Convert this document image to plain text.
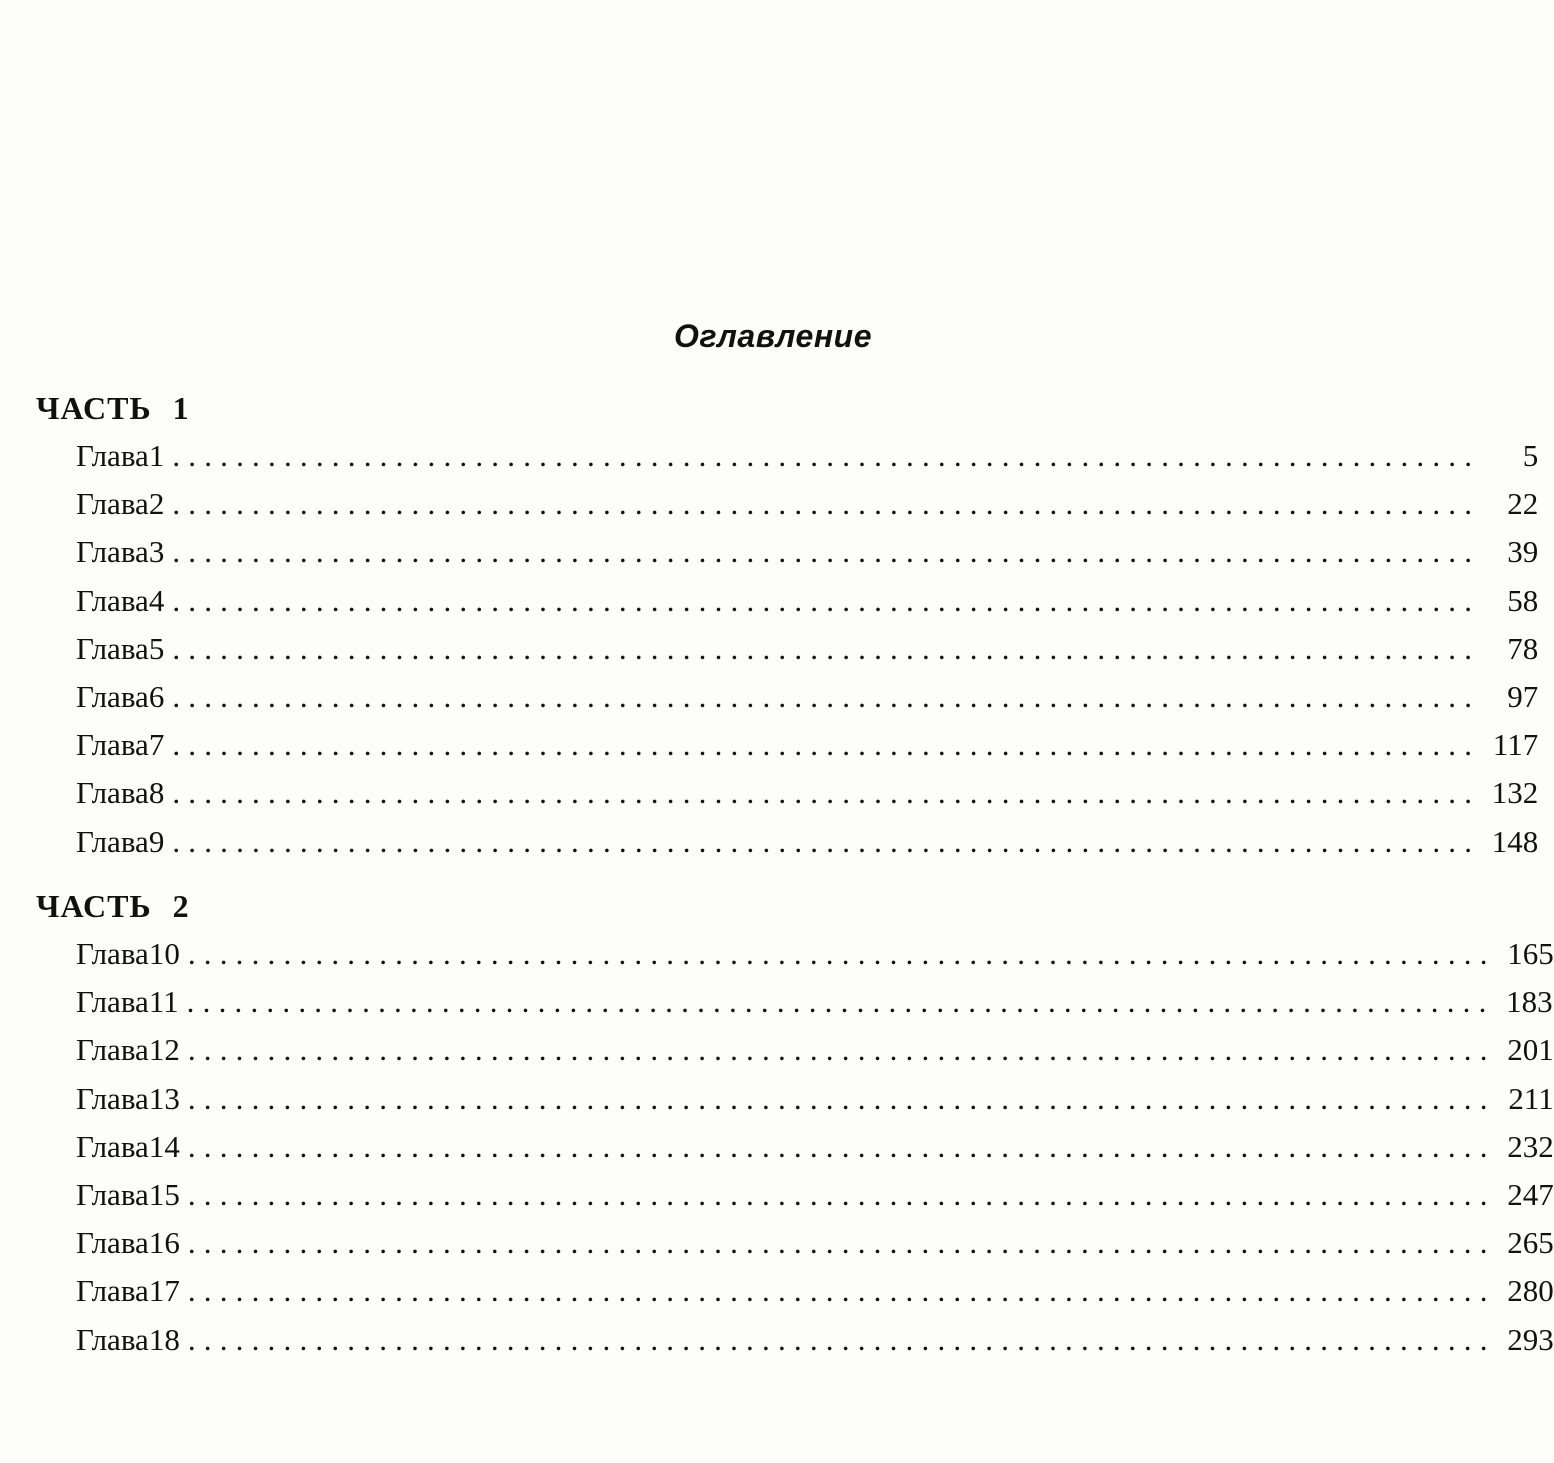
Оглавление
ЧАСТЬ 1
Глава 1 ..................................................................................	5
Глава 2 .................................................................................. 22
Глава 3 .................................................................................. 39
Глава 4 .................................................................................. 58
Глава 5 .................................................................................. 78
Глава 6 .................................................................................. 97
Глава 7 .................................................................................. 117
Глава 8 .................................................................................. 132
Глава 9 .................................................................................. 148
ЧАСТЬ 2
Глава 10 .................................................................................. 165
Глава 11 .................................................................................. 183
Глава 12 .................................................................................. 201
Глава 13 .................................................................................. 211
Глава 14 .................................................................................. 232
Глава 15 .................................................................................. 247
Глава 16 .................................................................................. 265
Глава 17 .................................................................................. 280
Глава 18 .................................................................................. 293
